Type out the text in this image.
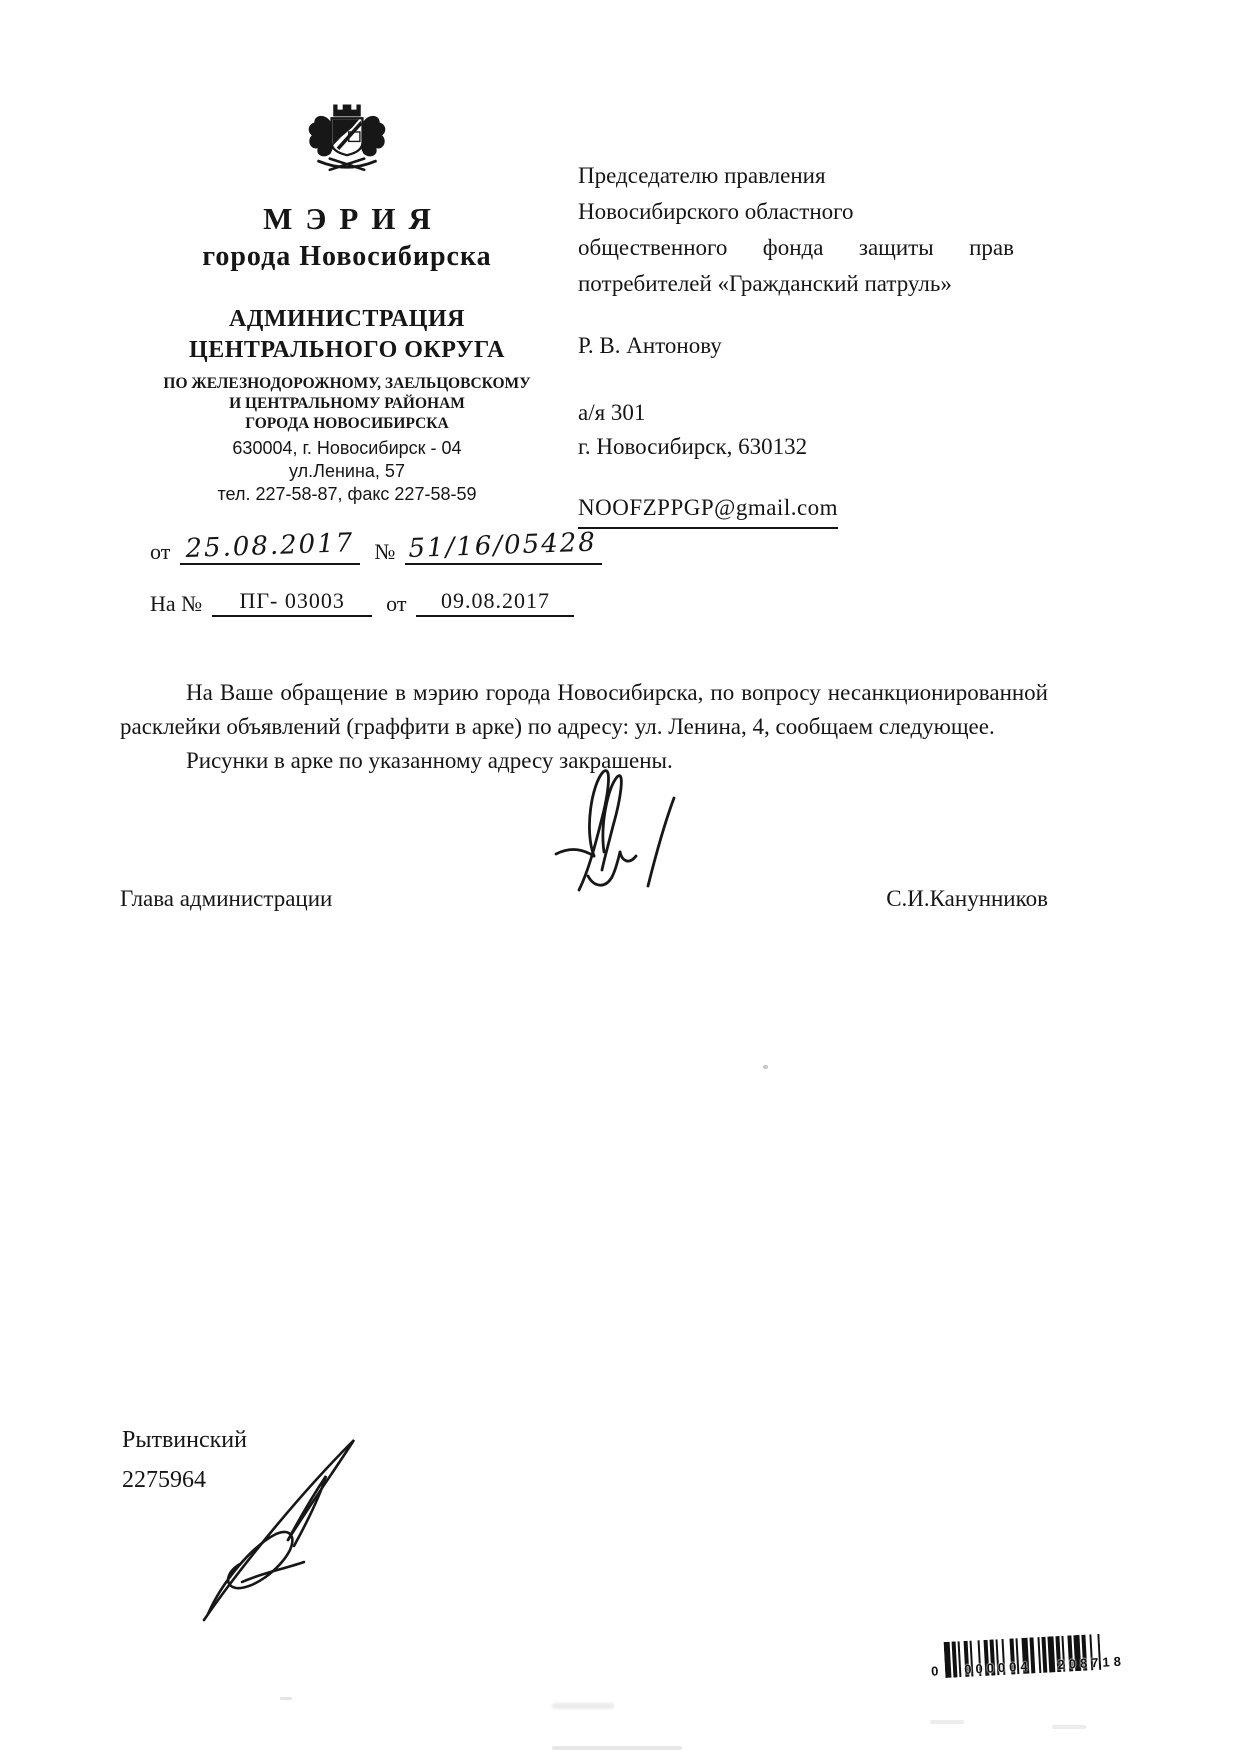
МЭРИЯ
города Новосибирска
АДМИНИСТРАЦИЯ
ЦЕНТРАЛЬНОГО ОКРУГА
ПО ЖЕЛЕЗНОДОРОЖНОМУ, ЗАЕЛЬЦОВСКОМУ
И ЦЕНТРАЛЬНОМУ РАЙОНАМ
ГОРОДА НОВОСИБИРСКА
630004, г. Новосибирск - 04
ул.Ленина, 57
тел. 227-58-87, факс 227-58-59
от 25.08.2017 № 51/16/05428
На № ПГ- 03003 от 09.08.2017
Председателю правления
Новосибирского областного
общественного фонда защиты прав
потребителей «Гражданский патруль»
Р. В. Антонову
а/я 301
г. Новосибирск, 630132
NOOFZPPGP@gmail.com

На Ваше обращение в мэрию города Новосибирска, по вопросу несанкционированной расклейки объявлений (граффити в арке) по адресу: ул. Ленина, 4, сообщаем следующее.

Рисунки в арке по указанному адресу закрашены.

Глава администрации	С.И.Канунников
Рытвинский
2275964
0 000004 208718
